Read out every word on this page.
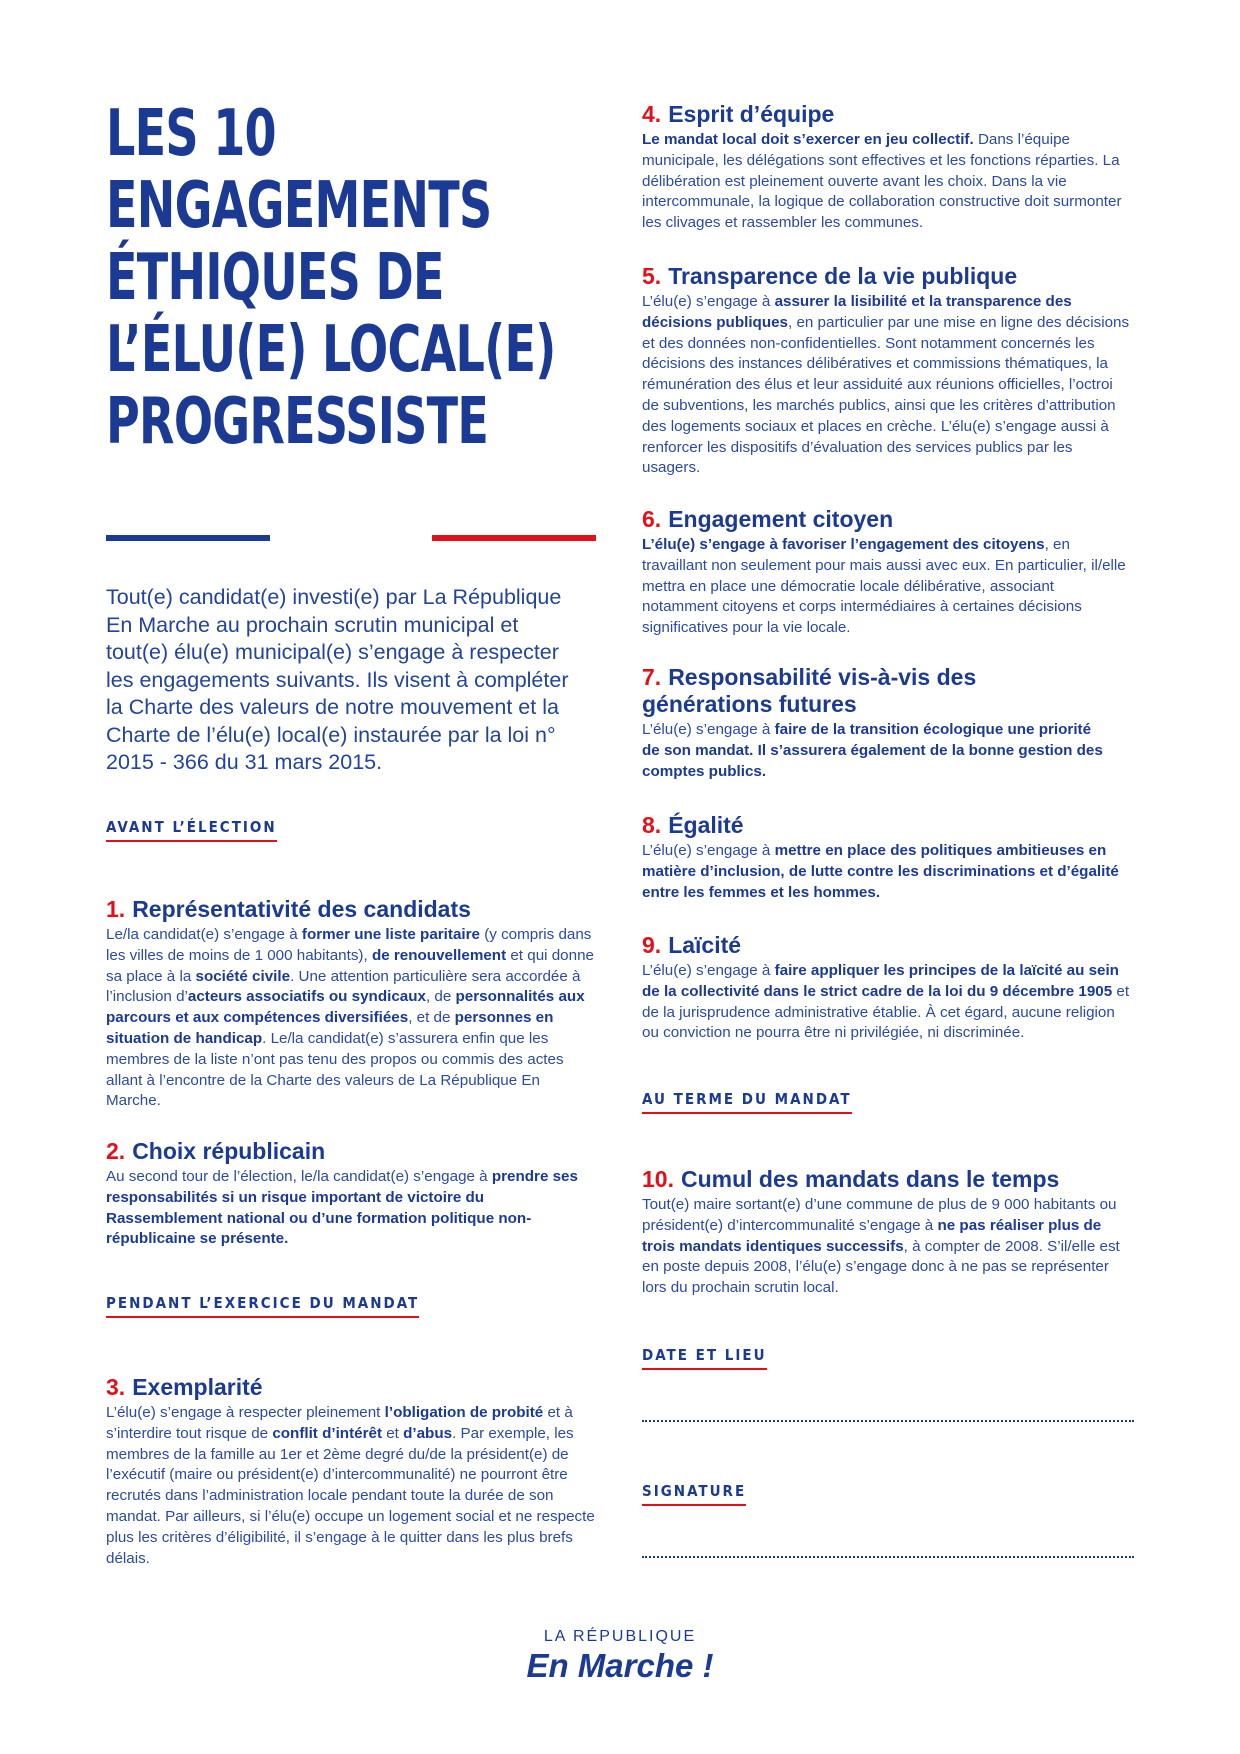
LES 10
ENGAGEMENTS
ÉTHIQUES DE
L’ÉLU(E) LOCAL(E)
PROGRESSISTE

Tout(e) candidat(e) investi(e) par La République En Marche au prochain scrutin municipal et tout(e) élu(e) municipal(e) s’engage à respecter les engagements suivants. Ils visent à compléter la Charte des valeurs de notre mouvement et la Charte de l’élu(e) local(e) instaurée par la loi n° 2015 - 366 du 31 mars 2015.

AVANT L’ÉLECTION
1. Représentativité des candidats

Le/la candidat(e) s’engage à former une liste paritaire (y compris dans les villes de moins de 1 000 habitants), de renouvellement et qui donne sa place à la société civile. Une attention particulière sera accordée à l’inclusion d’acteurs associatifs ou syndicaux, de personnalités aux parcours et aux compétences diversifiées, et de personnes en situation de handicap. Le/la candidat(e) s’assurera enfin que les membres de la liste n’ont pas tenu des propos ou commis des actes allant à l’encontre de la Charte des valeurs de La République En Marche.

2. Choix républicain

Au second tour de l’élection, le/la candidat(e) s’engage à prendre ses responsabilités si un risque important de victoire du Rassemblement national ou d’une formation politique non-républicaine se présente.

PENDANT L’EXERCICE DU MANDAT
3. Exemplarité

L’élu(e) s’engage à respecter pleinement l’obligation de probité et à s’interdire tout risque de conflit d’intérêt et d’abus. Par exemple, les membres de la famille au 1er et 2ème degré du/de la président(e) de l’exécutif (maire ou président(e) d’intercommunalité) ne pourront être recrutés dans l’administration locale pendant toute la durée de son mandat. Par ailleurs, si l’élu(e) occupe un logement social et ne respecte plus les critères d’éligibilité, il s’engage à le quitter dans les plus brefs délais.

4. Esprit d’équipe

Le mandat local doit s’exercer en jeu collectif. Dans l’équipe municipale, les délégations sont effectives et les fonctions réparties. La délibération est pleinement ouverte avant les choix. Dans la vie intercommunale, la logique de collaboration constructive doit surmonter les clivages et rassembler les communes.

5. Transparence de la vie publique

L’élu(e) s’engage à assurer la lisibilité et la transparence des décisions publiques, en particulier par une mise en ligne des décisions et des données non-confidentielles. Sont notamment concernés les décisions des instances délibératives et commissions thématiques, la rémunération des élus et leur assiduité aux réunions officielles, l’octroi de subventions, les marchés publics, ainsi que les critères d’attribution des logements sociaux et places en crèche. L’élu(e) s’engage aussi à renforcer les dispositifs d’évaluation des services publics par les usagers.

6. Engagement citoyen

L’élu(e) s’engage à favoriser l’engagement des citoyens, en travaillant non seulement pour mais aussi avec eux. En particulier, il/elle mettra en place une démocratie locale délibérative, associant notamment citoyens et corps intermédiaires à certaines décisions significatives pour la vie locale.

7. Responsabilité vis-à-vis des générations futures

L’élu(e) s’engage à faire de la transition écologique une priorité de son mandat. Il s’assurera également de la bonne gestion des comptes publics.

8. Égalité

L’élu(e) s’engage à mettre en place des politiques ambitieuses en matière d’inclusion, de lutte contre les discriminations et d’égalité entre les femmes et les hommes.

9. Laïcité

L’élu(e) s’engage à faire appliquer les principes de la laïcité au sein de la collectivité dans le strict cadre de la loi du 9 décembre 1905 et de la jurisprudence administrative établie. À cet égard, aucune religion ou conviction ne pourra être ni privilégiée, ni discriminée.

AU TERME DU MANDAT
10. Cumul des mandats dans le temps

Tout(e) maire sortant(e) d’une commune de plus de 9 000 habitants ou président(e) d’intercommunalité s’engage à ne pas réaliser plus de trois mandats identiques successifs, à compter de 2008. S’il/elle est en poste depuis 2008, l’élu(e) s’engage donc à ne pas se représenter lors du prochain scrutin local.

DATE ET LIEU
SIGNATURE
LA RÉPUBLIQUE
En Marche !
